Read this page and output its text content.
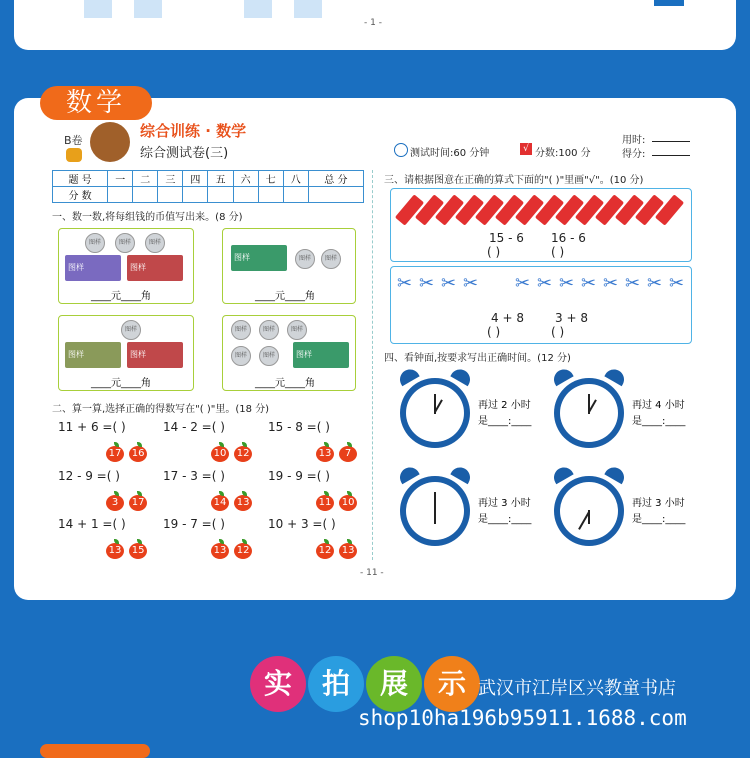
- 1 -
数学
B卷
综合训练 · 数学
综合测试卷(三)	测试时间:60 分钟	√ 分数:100 分
用时:
得分:
题 号	一	二	三	四	五	六	七	八	总 分
分 数									
一、数一数,将每组钱的币值写出来。(8 分)
图样	图样	图样
图样	图样
____元____角
图样	图样	图样
____元____角
图样
图样	图样
____元____角
图样	图样	图样
图样	图样	图样
____元____角
二、算一算,选择正确的得数写在"( )"里。(18 分)
11 + 6 =( )	14 - 2 =( )	15 - 8 =( )
17 16	10 12	13 7
12 - 9 =( )	17 - 3 =( )	19 - 9 =( )
3 17	14 13	11 10
14 + 1 =( )	19 - 7 =( )	10 + 3 =( )
13 15	13 12	12 13
三、请根据图意在正确的算式下面的"( )"里画"√"。(10 分)
15 - 6 16 - 6
( )	( )
✂ ✂ ✂ ✂ ✂ ✂ ✂ ✂ ✂ ✂ ✂ ✂
4 + 8	3 + 8
( )	( )
四、看钟面,按要求写出正确时间。(12 分)
再过 2 小时
是____:____
再过 4 小时
是____:____
再过 3 小时
是____:____
再过 3 小时
是____:____
- 11 -
实	拍	展	示 武汉市江岸区兴教童书店
shop10ha196b95911.1688.com
